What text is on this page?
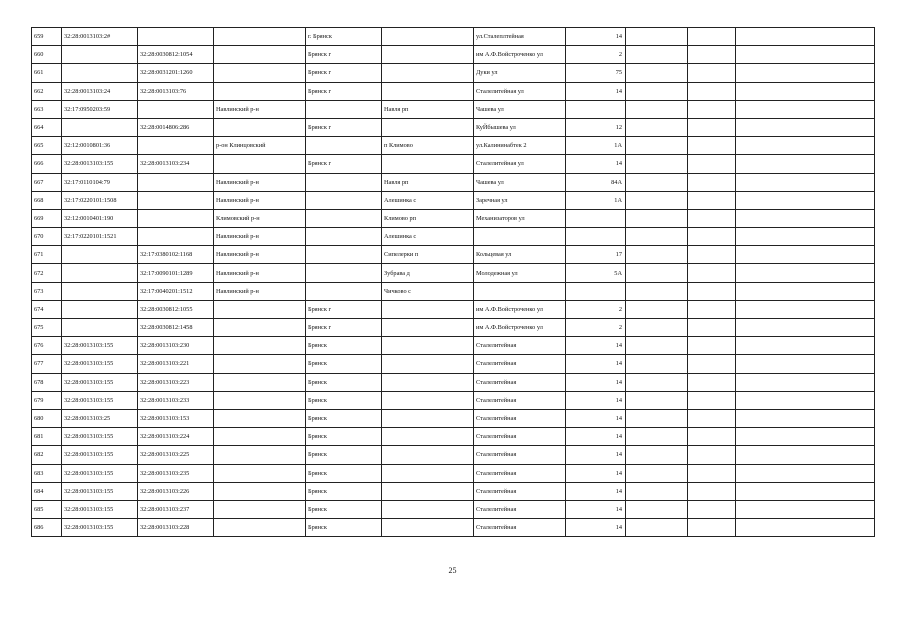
659	32:28:0013103:2#			г. Брянск		ул.Сталеплтейная	14			
660		32:28:0030812:1054		Брянск г		им А.Ф.Войстроченко ул	2			
661		32:28:0031201:1260		Брянск г		Дуки ул	75			
662	32:28:0013103:24	32:28:0013103:76		Брянск г		Сталелитейная ул	14			
663	32:17:0950203:59		Навлинский р-н		Навля рп	Чашева ул				
664		32:28:0014806:286		Брянск г		КуЙбышева ул	12			
665	32:12:0010801:36		р-он Клинцовский		п Климово	ул.Калининабтек 2	1А			
666	32:28:0013103:155	32:28:0013103:234		Брянск г		Сталелитейная ул	14			
667	32:17:0110104:79		Навлинский р-н		Навля рп	Чашева ул	84А			
668	32:17:0220101:1508		Навлинский р-н		Алешинка с	Заречная ул	1А			
669	32:12:0010401:190		Климовский р-н		Климово рп	Механизаторов ул				
670	32:17:0220101:1521		Навлинский р-н		Алешинка с					
671		32:17:0380102:1168	Навлинский р-н		Сипелерки п	Кольцевая ул	17			
672		32:17:0090101:1289	Навлинский р-н		Зубрава д	Молодежная ул	5А			
673		32:17:0040201:1512	Навлинский р-н		Чичково с					
674		32:28:0030812:1055		Брянск г		им А.Ф.Войстроченко ул	2			
675		32:28:0030812:1458		Брянск г		им А.Ф.Войстроченко ул	2			
676	32:28:0013103:155	32:28:0013103:230		Брянск		Сталелитейная	14			
677	32:28:0013103:155	32:28:0013103:221		Брянск		Сталелитейная	14			
678	32:28:0013103:155	32:28:0013103:223		Брянск		Сталелитейная	14			
679	32:28:0013103:155	32:28:0013103:233		Брянск		Сталелитейная	14			
680	32:28:0013103:25	32:28:0013103:153		Брянск		Сталелитейная	14			
681	32:28:0013103:155	32:28:0013103:224		Брянск		Сталелитейная	14			
682	32:28:0013103:155	32:28:0013103:225		Брянск		Сталелитейная	14			
683	32:28:0013103:155	32:28:0013103:235		Брянск		Сталелитейная	14			
684	32:28:0013103:155	32:28:0013103:226		Брянск		Сталелитейная	14			
685	32:28:0013103:155	32:28:0013103:237		Брянск		Сталелитейная	14			
686	32:28:0013103:155	32:28:0013103:228		Брянск		Сталелитейная	14			
25
